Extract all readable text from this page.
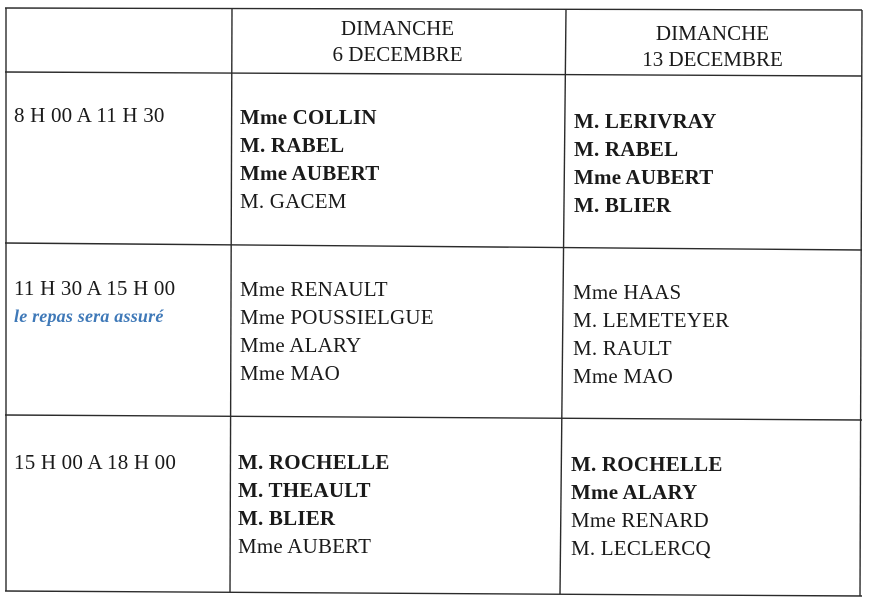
DIMANCHE
6 DECEMBRE
DIMANCHE
13 DECEMBRE
8 H 00 A 11 H 30	Mme COLLIN
M. RABEL
Mme AUBERT
M. GACEM
M. LERIVRAY
M. RABEL
Mme AUBERT
M. BLIER
11 H 30 A 15 H 00
le repas sera assuré
Mme RENAULT
Mme POUSSIELGUE
Mme ALARY
Mme MAO
Mme HAAS
M. LEMETEYER
M. RAULT
Mme MAO
15 H 00 A 18 H 00	M. ROCHELLE
M. THEAULT
M. BLIER
Mme AUBERT
M. ROCHELLE
Mme ALARY
Mme RENARD
M. LECLERCQ
